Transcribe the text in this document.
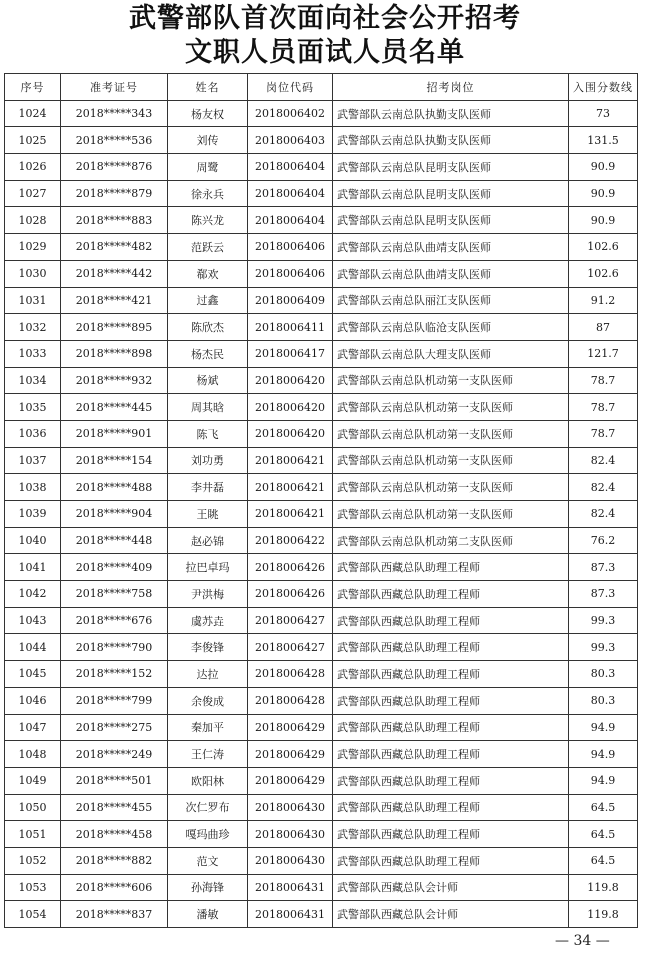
武警部队首次面向社会公开招考
文职人员面试人员名单
序号	准考证号	姓名	岗位代码	招考岗位	入围分数线
1024	2018*****343	杨友权	2018006402	武警部队云南总队执勤支队医师	73
1025	2018*****536	刘传	2018006403	武警部队云南总队执勤支队医师	131.5
1026	2018*****876	周鹭	2018006404	武警部队云南总队昆明支队医师	90.9
1027	2018*****879	徐永兵	2018006404	武警部队云南总队昆明支队医师	90.9
1028	2018*****883	陈兴龙	2018006404	武警部队云南总队昆明支队医师	90.9
1029	2018*****482	范跃云	2018006406	武警部队云南总队曲靖支队医师	102.6
1030	2018*****442	郗欢	2018006406	武警部队云南总队曲靖支队医师	102.6
1031	2018*****421	过鑫	2018006409	武警部队云南总队丽江支队医师	91.2
1032	2018*****895	陈欣杰	2018006411	武警部队云南总队临沧支队医师	87
1033	2018*****898	杨杰民	2018006417	武警部队云南总队大理支队医师	121.7
1034	2018*****932	杨斌	2018006420	武警部队云南总队机动第一支队医师	78.7
1035	2018*****445	周其晗	2018006420	武警部队云南总队机动第一支队医师	78.7
1036	2018*****901	陈飞	2018006420	武警部队云南总队机动第一支队医师	78.7
1037	2018*****154	刘功勇	2018006421	武警部队云南总队机动第一支队医师	82.4
1038	2018*****488	李井磊	2018006421	武警部队云南总队机动第一支队医师	82.4
1039	2018*****904	王眺	2018006421	武警部队云南总队机动第一支队医师	82.4
1040	2018*****448	赵必锦	2018006422	武警部队云南总队机动第二支队医师	76.2
1041	2018*****409	拉巴卓玛	2018006426	武警部队西藏总队助理工程师	87.3
1042	2018*****758	尹洪梅	2018006426	武警部队西藏总队助理工程师	87.3
1043	2018*****676	虞苏垚	2018006427	武警部队西藏总队助理工程师	99.3
1044	2018*****790	李俊锋	2018006427	武警部队西藏总队助理工程师	99.3
1045	2018*****152	达拉	2018006428	武警部队西藏总队助理工程师	80.3
1046	2018*****799	余俊成	2018006428	武警部队西藏总队助理工程师	80.3
1047	2018*****275	秦加平	2018006429	武警部队西藏总队助理工程师	94.9
1048	2018*****249	王仁涛	2018006429	武警部队西藏总队助理工程师	94.9
1049	2018*****501	欧阳林	2018006429	武警部队西藏总队助理工程师	94.9
1050	2018*****455	次仁罗布	2018006430	武警部队西藏总队助理工程师	64.5
1051	2018*****458	嘎玛曲珍	2018006430	武警部队西藏总队助理工程师	64.5
1052	2018*****882	范文	2018006430	武警部队西藏总队助理工程师	64.5
1053	2018*****606	孙海锋	2018006431	武警部队西藏总队会计师	119.8
1054	2018*****837	潘敏	2018006431	武警部队西藏总队会计师	119.8
— 34 —
